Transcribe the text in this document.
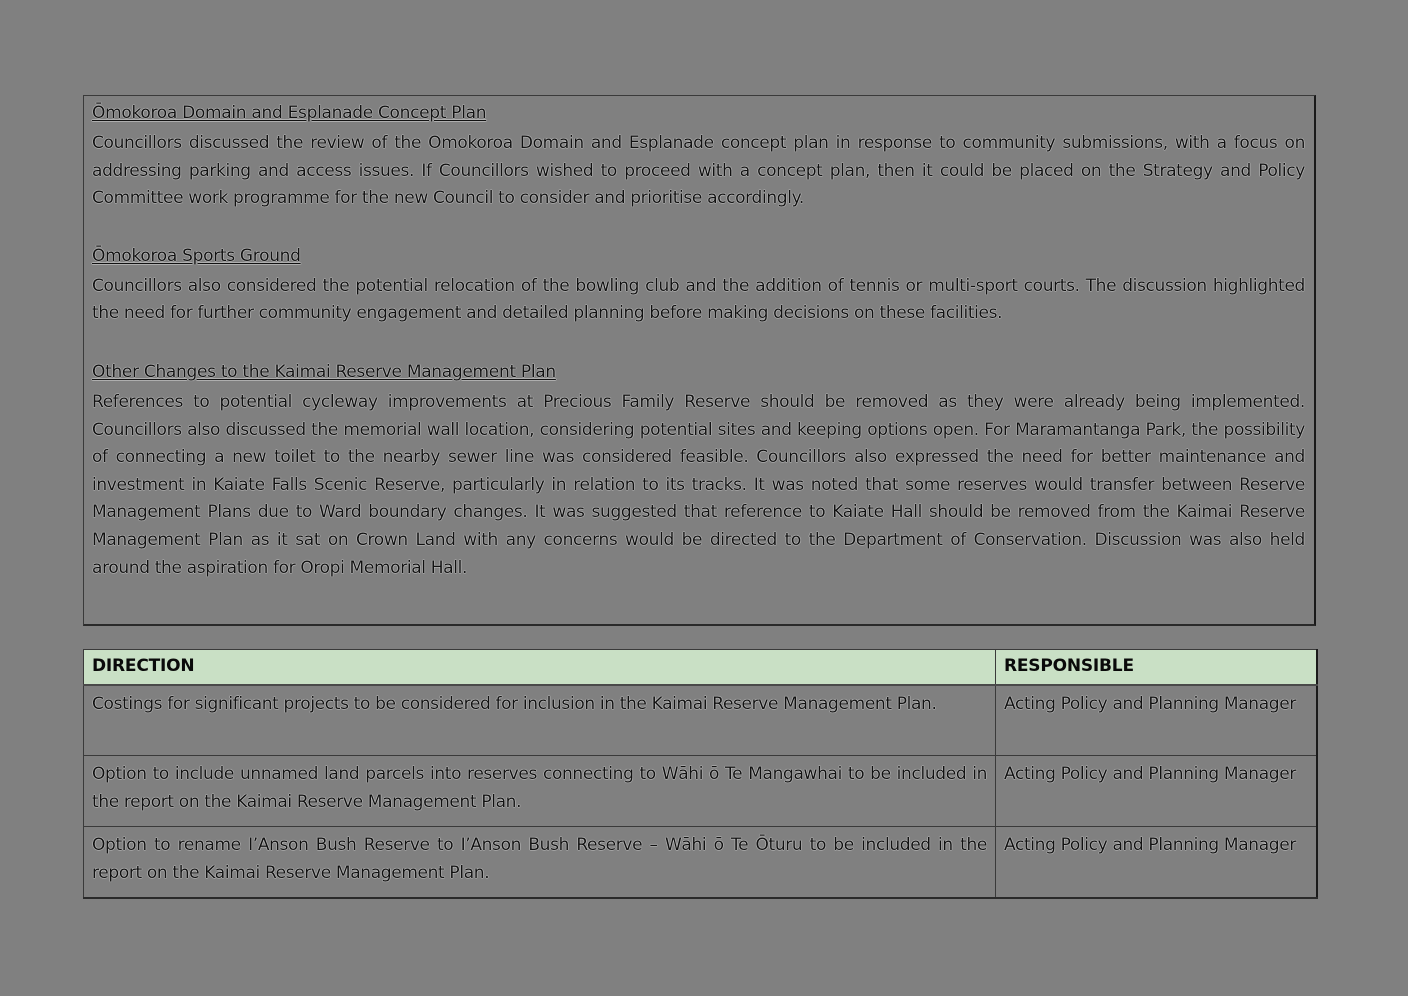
Ōmokoroa Domain and Esplanade Concept Plan

Councillors discussed the review of the Omokoroa Domain and Esplanade concept plan in response to community submissions, with a focus on addressing parking and access issues. If Councillors wished to proceed with a concept plan, then it could be placed on the Strategy and Policy Committee work programme for the new Council to consider and prioritise accordingly.

Ōmokoroa Sports Ground

Councillors also considered the potential relocation of the bowling club and the addition of tennis or multi-sport courts. The discussion highlighted the need for further community engagement and detailed planning before making decisions on these facilities.

Other Changes to the Kaimai Reserve Management Plan

References to potential cycleway improvements at Precious Family Reserve should be removed as they were already being implemented. Councillors also discussed the memorial wall location, considering potential sites and keeping options open. For Maramantanga Park, the possibility of connecting a new toilet to the nearby sewer line was considered feasible. Councillors also expressed the need for better maintenance and investment in Kaiate Falls Scenic Reserve, particularly in relation to its tracks. It was noted that some reserves would transfer between Reserve Management Plans due to Ward boundary changes. It was suggested that reference to Kaiate Hall should be removed from the Kaimai Reserve Management Plan as it sat on Crown Land with any concerns would be directed to the Department of Conservation. Discussion was also held around the aspiration for Oropi Memorial Hall.

DIRECTION	RESPONSIBLE
Costings for significant projects to be considered for inclusion in the Kaimai Reserve Management Plan.	Acting Policy and Planning Manager
Option to include unnamed land parcels into reserves connecting to Wāhi ō Te Mangawhai to be included in the report on the Kaimai Reserve Management Plan.	Acting Policy and Planning Manager
Option to rename I’Anson Bush Reserve to I’Anson Bush Reserve – Wāhi ō Te Ōturu to be included in the report on the Kaimai Reserve Management Plan.	Acting Policy and Planning Manager
